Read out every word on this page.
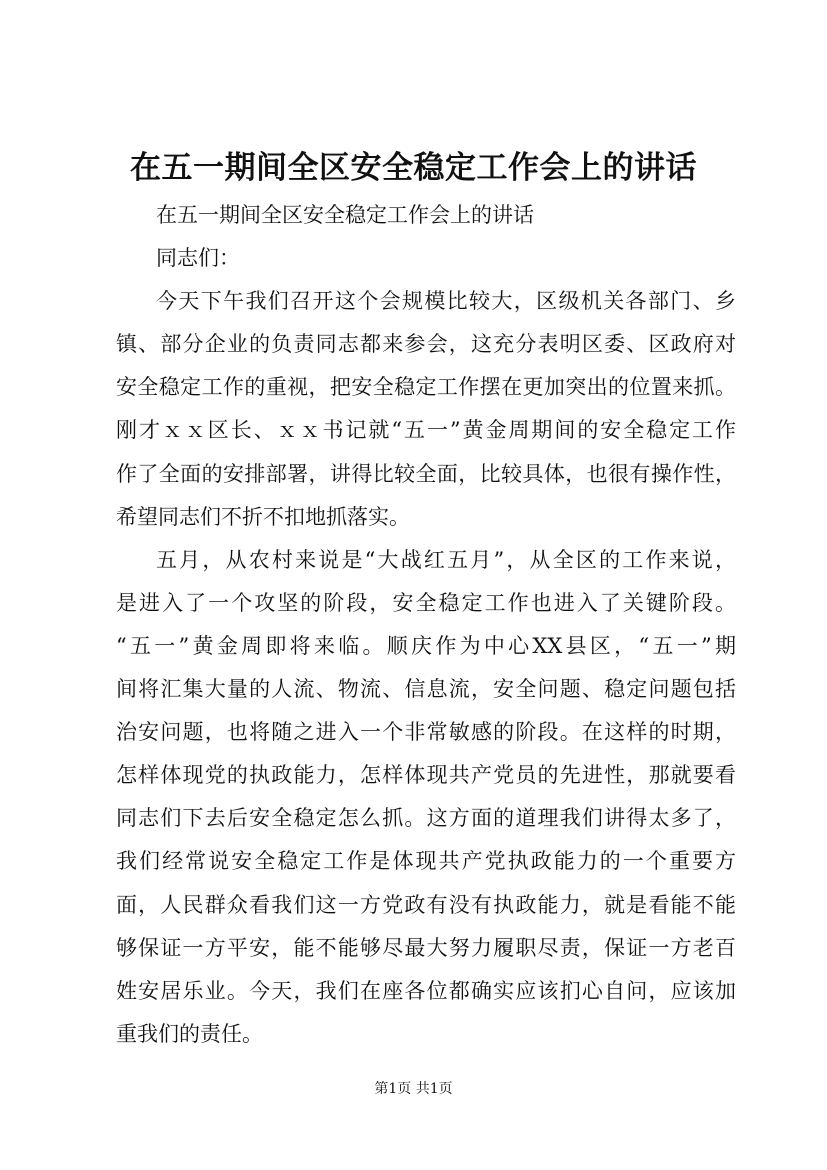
在五一期间全区安全稳定工作会上的讲话
在五一期间全区安全稳定工作会上的讲话
同志们：
今天下午我们召开这个会规模比较大，区级机关各部门、乡
镇、部分企业的负责同志都来参会，这充分表明区委、区政府对
安全稳定工作的重视，把安全稳定工作摆在更加突出的位置来抓。
刚才ｘｘ区长、ｘｘ书记就“五一”黄金周期间的安全稳定工作
作了全面的安排部署，讲得比较全面，比较具体，也很有操作性，
希望同志们不折不扣地抓落实。
五月，从农村来说是“大战红五月”，从全区的工作来说，
是进入了一个攻坚的阶段，安全稳定工作也进入了关键阶段。
“五一”黄金周即将来临。顺庆作为中心XX县区，“五一”期
间将汇集大量的人流、物流、信息流，安全问题、稳定问题包括
治安问题，也将随之进入一个非常敏感的阶段。在这样的时期，
怎样体现党的执政能力，怎样体现共产党员的先进性，那就要看
同志们下去后安全稳定怎么抓。这方面的道理我们讲得太多了，
我们经常说安全稳定工作是体现共产党执政能力的一个重要方
面，人民群众看我们这一方党政有没有执政能力，就是看能不能
够保证一方平安，能不能够尽最大努力履职尽责，保证一方老百
姓安居乐业。今天，我们在座各位都确实应该扪心自问，应该加
重我们的责任。
第1页 共1页
